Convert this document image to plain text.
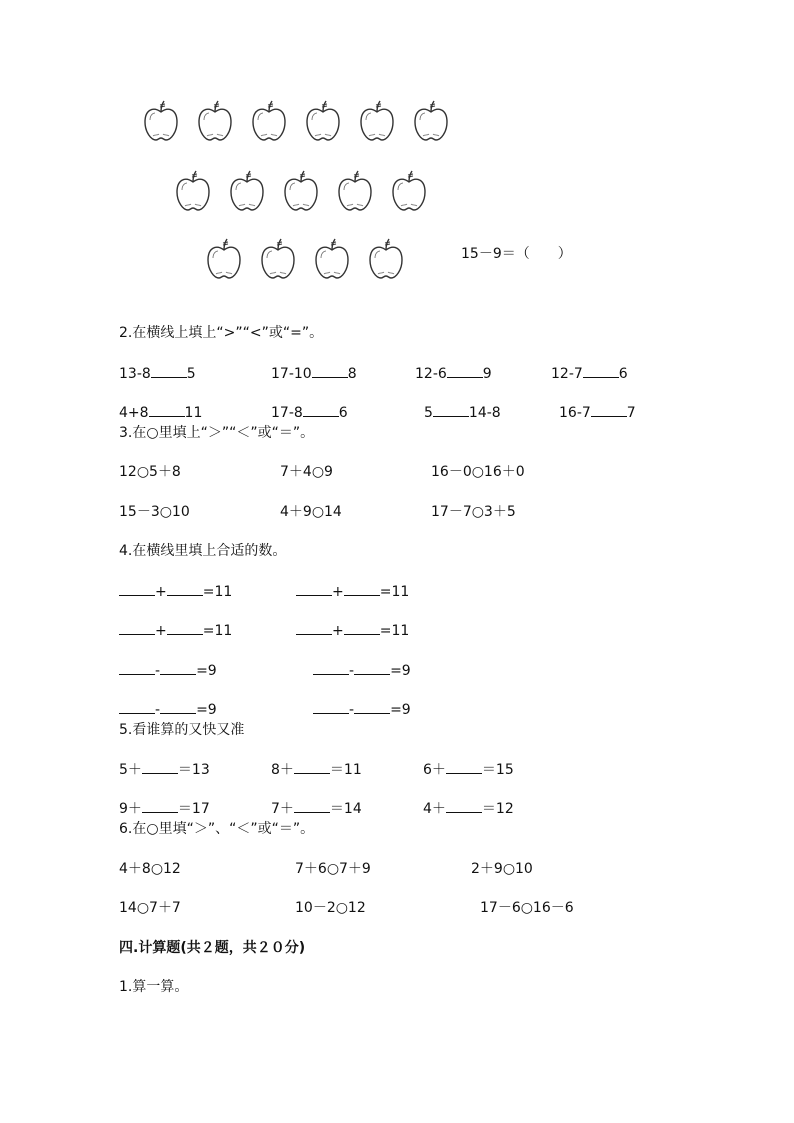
15－9＝（　　）
2.在横线上填上“>”“<”或“=”。
13-8	5	17-10	8	12-6	9	12-7	6
4+8	11	17-8	6	5	14-8	16-7	7
3.在○里填上“＞”“＜”或“＝”。
12○5＋8	7＋4○9	16－0○16＋0
15－3○10	4＋9○14	17－7○3＋5
4.在横线里填上合适的数。
+	=11	+	=11
+	=11	+	=11
-	=9	-	=9
-	=9	-	=9
5.看谁算的又快又准
5＋	＝13	8＋	＝11	6＋	＝15
9＋	＝17	7＋	＝14	4＋	＝12
6.在○里填“＞”、“＜”或“＝”。
4＋8○12	7＋6○7＋9	2＋9○10
14○7＋7	10－2○12	17－6○16－6
四.计算题(共２题，共２０分)
1.算一算。
